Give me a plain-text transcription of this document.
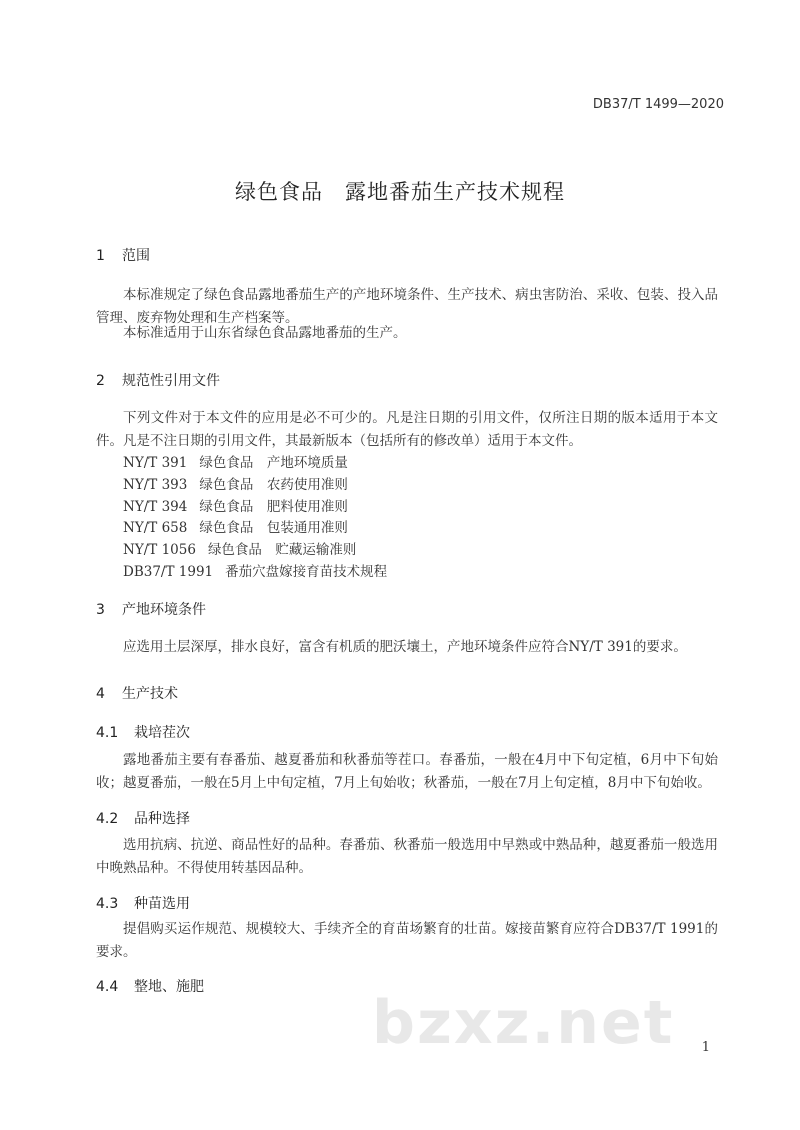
DB37/T 1499—2020
绿色食品　露地番茄生产技术规程
1 范围
本标准规定了绿色食品露地番茄生产的产地环境条件、生产技术、病虫害防治、采收、包装、投入品管理、废弃物处理和生产档案等。
本标准适用于山东省绿色食品露地番茄的生产。
2 规范性引用文件
下列文件对于本文件的应用是必不可少的。凡是注日期的引用文件，仅所注日期的版本适用于本文件。凡是不注日期的引用文件，其最新版本（包括所有的修改单）适用于本文件。
NY/T 391 绿色食品　产地环境质量
NY/T 393 绿色食品　农药使用准则
NY/T 394 绿色食品　肥料使用准则
NY/T 658 绿色食品　包装通用准则
NY/T 1056 绿色食品　贮藏运输准则
DB37/T 1991 番茄穴盘嫁接育苗技术规程
3 产地环境条件
应选用土层深厚，排水良好，富含有机质的肥沃壤土，产地环境条件应符合NY/T 391的要求。
4 生产技术
4.1 栽培茬次
露地番茄主要有春番茄、越夏番茄和秋番茄等茬口。春番茄，一般在4月中下旬定植，6月中下旬始收；越夏番茄，一般在5月上中旬定植，7月上旬始收；秋番茄，一般在7月上旬定植，8月中下旬始收。
4.2 品种选择
选用抗病、抗逆、商品性好的品种。春番茄、秋番茄一般选用中早熟或中熟品种，越夏番茄一般选用中晚熟品种。不得使用转基因品种。
4.3 种苗选用
提倡购买运作规范、规模较大、手续齐全的育苗场繁育的壮苗。嫁接苗繁育应符合DB37/T 1991的要求。
4.4 整地、施肥
bzxz.net 1
